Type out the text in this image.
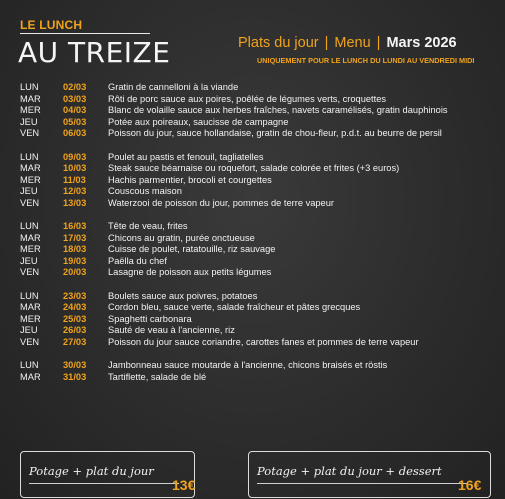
LE LUNCH
AU TREIZE	Plats du jour | Menu | Mars 2026
UNIQUEMENT POUR LE LUNCH DU LUNDI AU VENDREDI MIDI
LUN	02/03	Gratin de cannelloni à la viande
MAR	03/03	Rôti de porc sauce aux poires, poêlée de légumes verts, croquettes
MER	04/03	Blanc de volaille sauce aux herbes fraîches, navets caramélisés, gratin dauphinois
JEU	05/03	Potée aux poireaux, saucisse de campagne
VEN	06/03	Poisson du jour, sauce hollandaise, gratin de chou-fleur, p.d.t. au beurre de persil
LUN	09/03	Poulet au pastis et fenouil, tagliatelles
MAR	10/03	Steak sauce béarnaise ou roquefort, salade colorée et frites (+3 euros)
MER	11/03	Hachis parmentier, brocoli et courgettes
JEU	12/03	Couscous maison
VEN	13/03	Waterzooi de poisson du jour, pommes de terre vapeur
LUN	16/03	Tête de veau, frites
MAR	17/03	Chicons au gratin, purée onctueuse
MER	18/03	Cuisse de poulet, ratatouille, riz sauvage
JEU	19/03	Paëlla du chef
VEN	20/03	Lasagne de poisson aux petits légumes
LUN	23/03	Boulets sauce aux poivres, potatoes
MAR	24/03	Cordon bleu, sauce verte, salade fraîcheur et pâtes grecques
MER	25/03	Spaghetti carbonara
JEU	26/03	Sauté de veau à l'ancienne, riz
VEN	27/03	Poisson du jour sauce coriandre, carottes fanes et pommes de terre vapeur
LUN	30/03	Jambonneau sauce moutarde à l'ancienne, chicons braisés et röstis
MAR	31/03	Tartiflette, salade de blé
Potage + plat du jour
13€
Potage + plat du jour + dessert
16€
